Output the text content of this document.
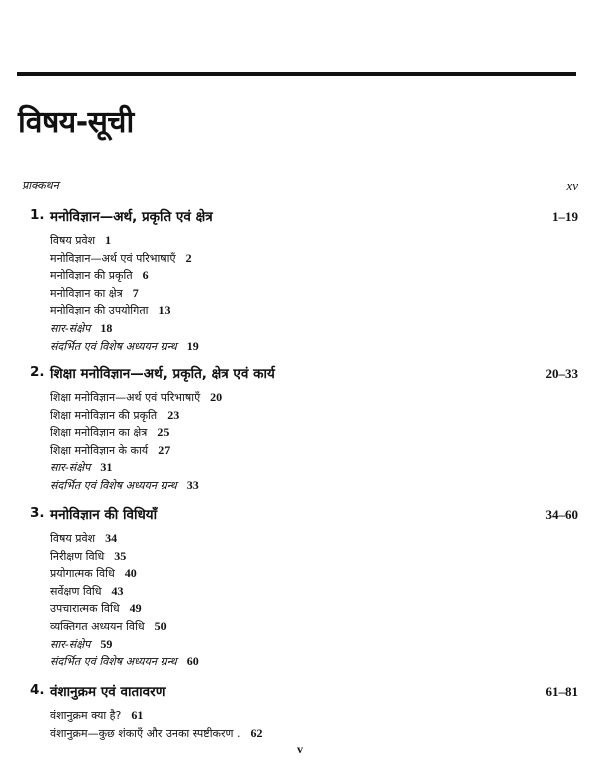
विषय-सूची
प्राक्कथन	xv
1. मनोविज्ञान—अर्थ, प्रकृति एवं क्षेत्र	1–19
विषय प्रवेश 1
मनोविज्ञान—अर्थ एवं परिभाषाएँ 2
मनोविज्ञान की प्रकृति 6
मनोविज्ञान का क्षेत्र 7
मनोविज्ञान की उपयोगिता 13
सार-संक्षेप 18
संदर्भित एवं विशेष अध्ययन ग्रन्थ 19
2. शिक्षा मनोविज्ञान—अर्थ, प्रकृति, क्षेत्र एवं कार्य	20–33
शिक्षा मनोविज्ञान—अर्थ एवं परिभाषाएँ 20
शिक्षा मनोविज्ञान की प्रकृति 23
शिक्षा मनोविज्ञान का क्षेत्र 25
शिक्षा मनोविज्ञान के कार्य 27
सार-संक्षेप 31
संदर्भित एवं विशेष अध्ययन ग्रन्थ 33
3. मनोविज्ञान की विधियाँ	34–60
विषय प्रवेश 34
निरीक्षण विधि 35
प्रयोगात्मक विधि 40
सर्वेक्षण विधि 43
उपचारात्मक विधि 49
व्यक्तिगत अध्ययन विधि 50
सार-संक्षेप 59
संदर्भित एवं विशेष अध्ययन ग्रन्थ 60
4. वंशानुक्रम एवं वातावरण	61–81
वंशानुक्रम क्या है? 61
वंशानुक्रम—कुछ शंकाएँ और उनका स्पष्टीकरण . 62
v
